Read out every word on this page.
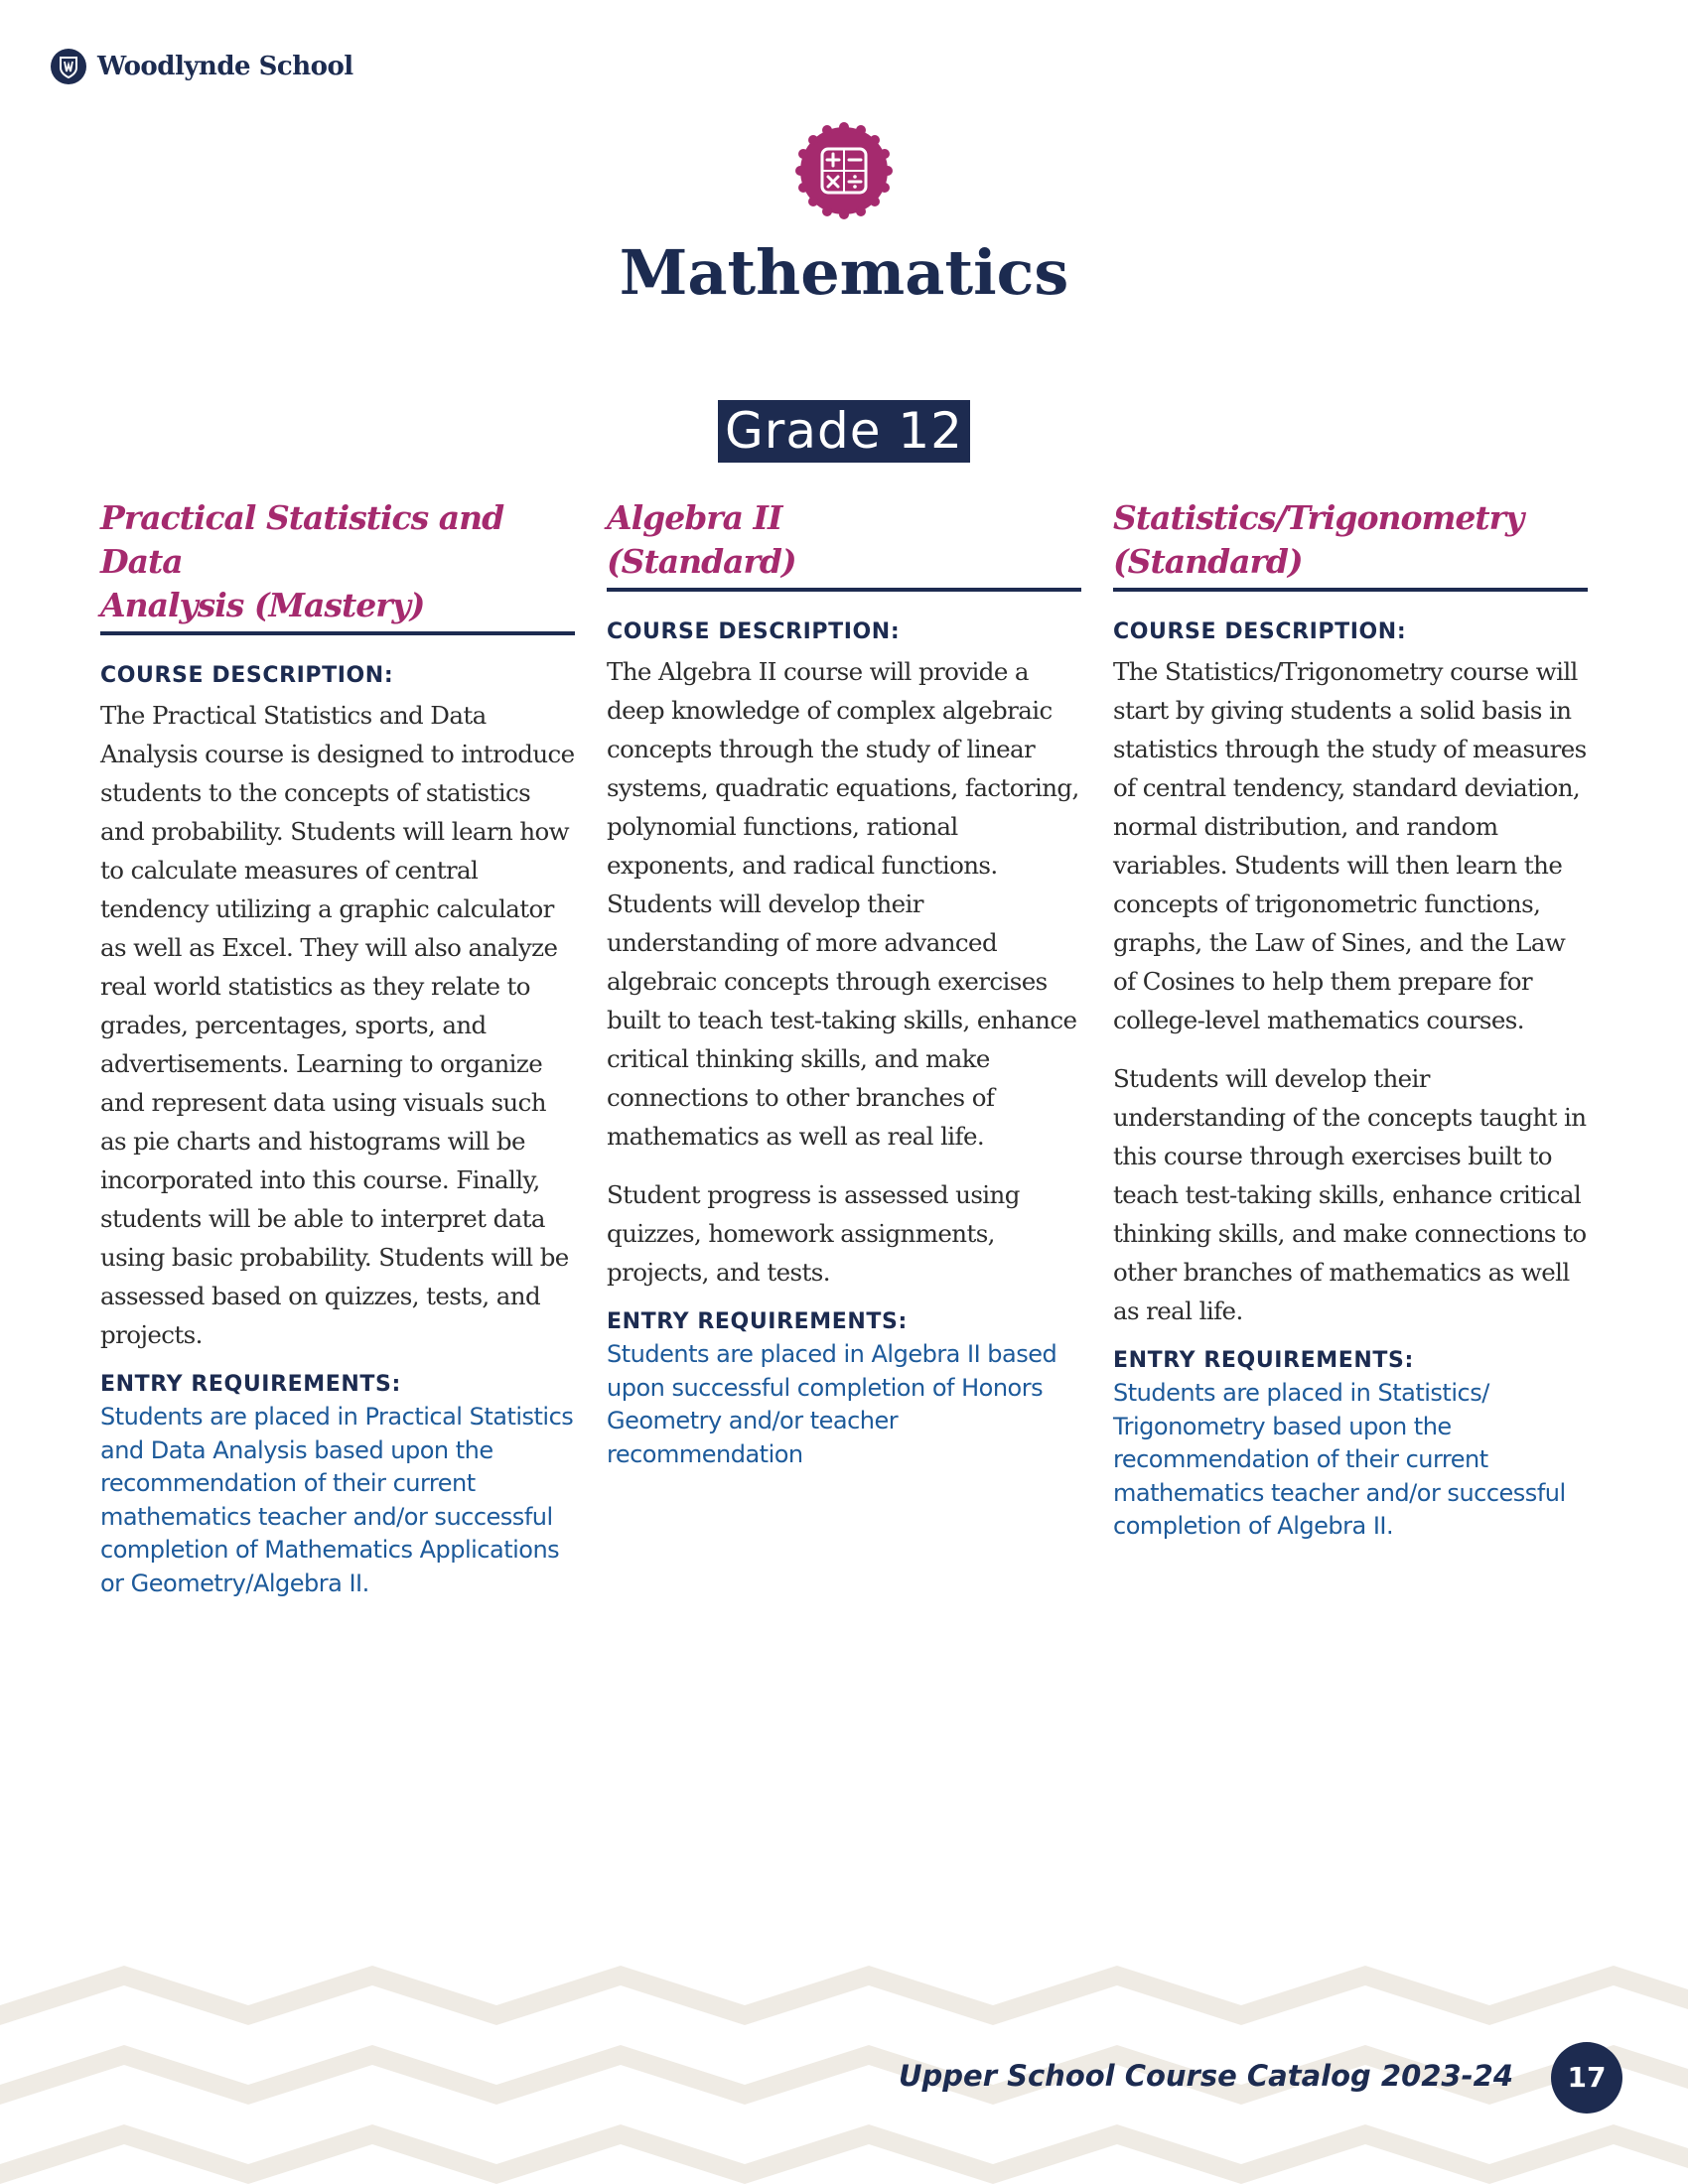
Woodlynde School
Mathematics
Grade 12
Practical Statistics and Data
Analysis (Mastery)

COURSE DESCRIPTION:

The Practical Statistics and Data Analysis course is designed to introduce students to the concepts of statistics and probability. Students will learn how to calculate measures of central tendency utilizing a graphic calculator as well as Excel. They will also analyze real world statistics as they relate to grades, percentages, sports, and advertisements. Learning to organize and represent data using visuals such as pie charts and histograms will be incorporated into this course. Finally, students will be able to interpret data using basic probability. Students will be assessed based on quizzes, tests, and projects.

ENTRY REQUIREMENTS:

Students are placed in Practical Statistics and Data Analysis based upon the recommendation of their current mathematics teacher and/or successful completion of Mathematics Applications or Geometry/Algebra II.

Algebra II
(Standard)

COURSE DESCRIPTION:

The Algebra II course will provide a deep knowledge of complex algebraic concepts through the study of linear systems, quadratic equations, factoring, polynomial functions, rational exponents, and radical functions. Students will develop their understanding of more advanced algebraic concepts through exercises built to teach test-taking skills, enhance critical thinking skills, and make connections to other branches of mathematics as well as real life.

Student progress is assessed using quizzes, homework assignments, projects, and tests.

ENTRY REQUIREMENTS:

Students are placed in Algebra II based upon successful completion of Honors Geometry and/or teacher recommendation

Statistics/Trigonometry
(Standard)

COURSE DESCRIPTION:

The Statistics/Trigonometry course will start by giving students a solid basis in statistics through the study of measures of central tendency, standard deviation, normal distribution, and random variables. Students will then learn the concepts of trigonometric functions, graphs, the Law of Sines, and the Law of Cosines to help them prepare for college-level mathematics courses.

Students will develop their understanding of the concepts taught in this course through exercises built to teach test-taking skills, enhance critical thinking skills, and make connections to other branches of mathematics as well as real life.

ENTRY REQUIREMENTS:

Students are placed in Statistics/ Trigonometry based upon the recommendation of their current mathematics teacher and/or successful completion of Algebra II.

Upper School Course Catalog 2023-24	17
